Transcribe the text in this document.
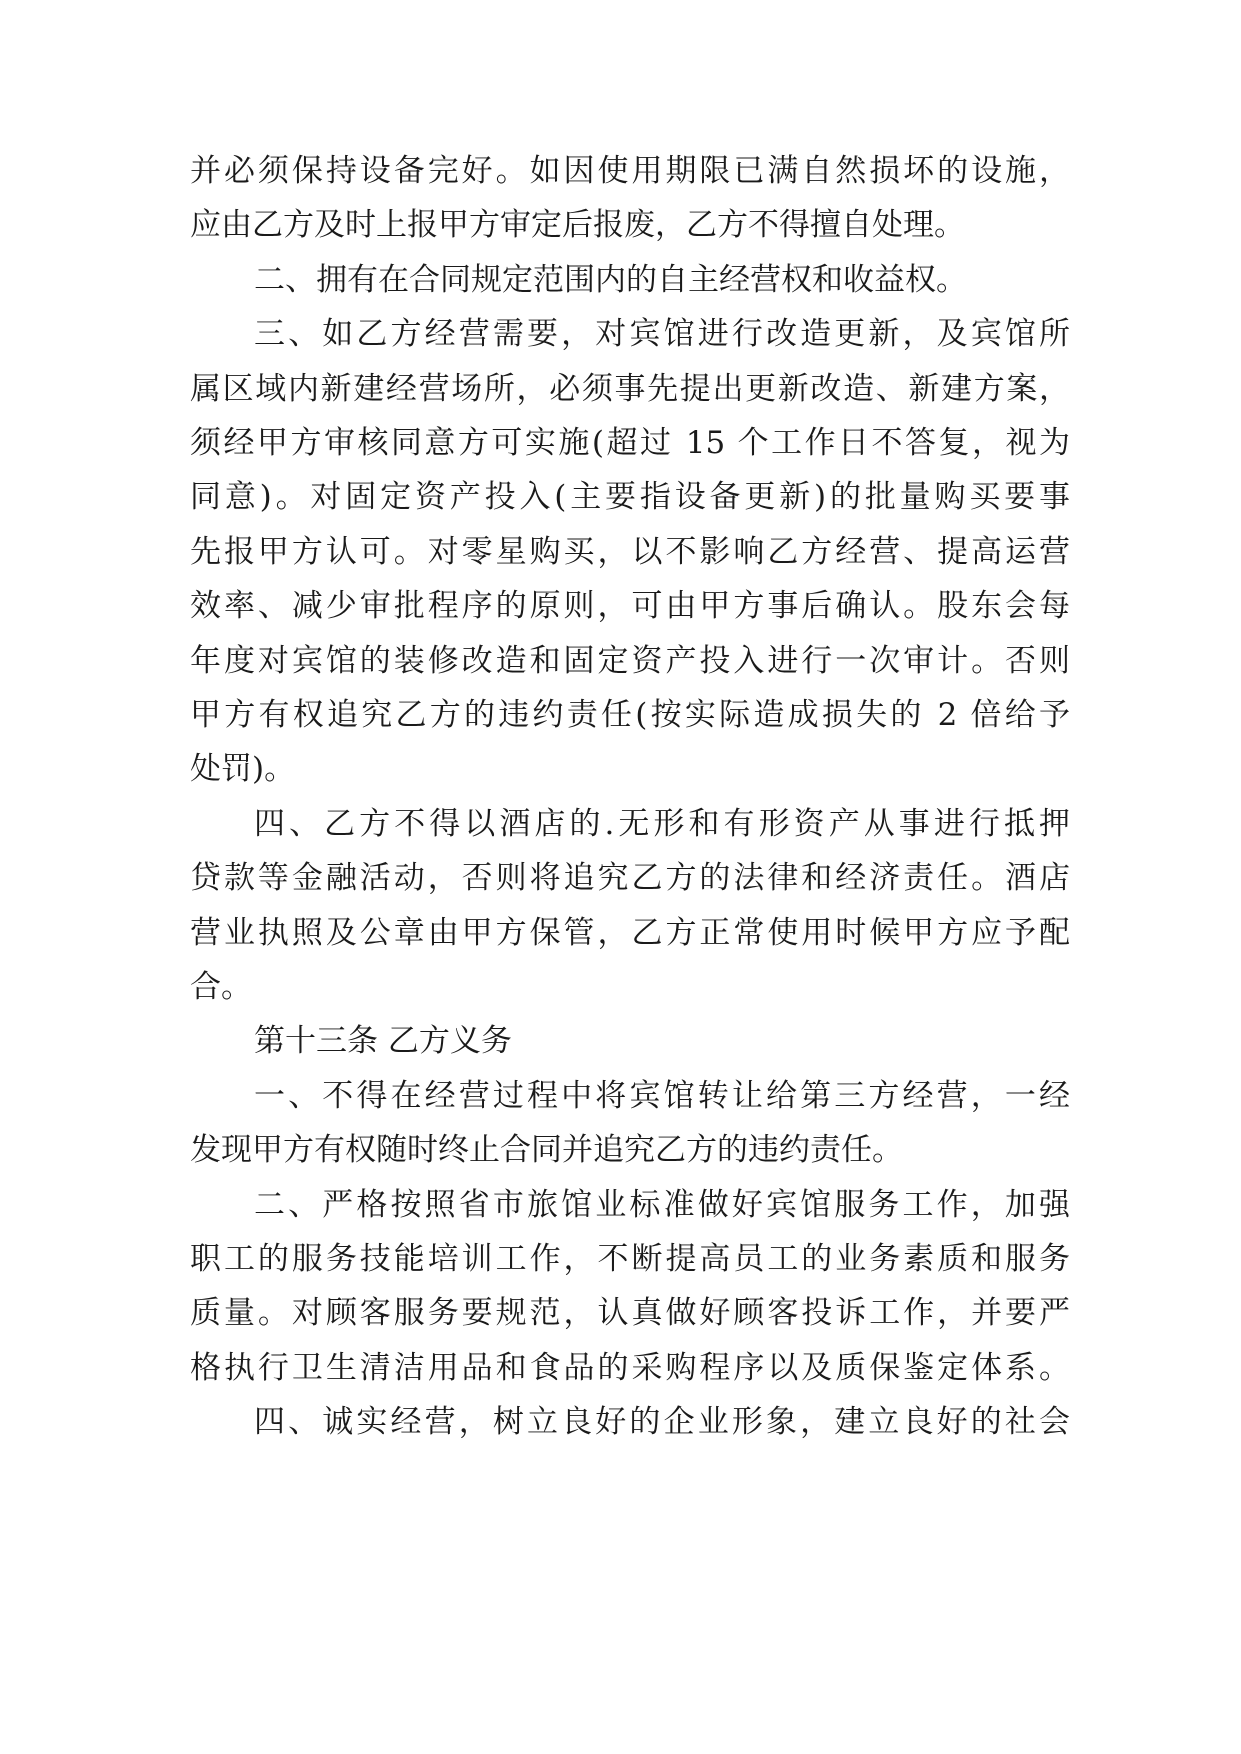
并必须保持设备完好。如因使用期限已满自然损坏的设施，
应由乙方及时上报甲方审定后报废，乙方不得擅自处理。
二、拥有在合同规定范围内的自主经营权和收益权。
三、如乙方经营需要，对宾馆进行改造更新，及宾馆所
属区域内新建经营场所，必须事先提出更新改造、新建方案，
须经甲方审核同意方可实施(超过 15 个工作日不答复，视为
同意)。对固定资产投入(主要指设备更新)的批量购买要事
先报甲方认可。对零星购买，以不影响乙方经营、提高运营
效率、减少审批程序的原则，可由甲方事后确认。股东会每
年度对宾馆的装修改造和固定资产投入进行一次审计。否则
甲方有权追究乙方的违约责任(按实际造成损失的 2 倍给予
处罚)。
四、乙方不得以酒店的.无形和有形资产从事进行抵押
贷款等金融活动，否则将追究乙方的法律和经济责任。酒店
营业执照及公章由甲方保管，乙方正常使用时候甲方应予配
合。
第十三条 乙方义务
一、不得在经营过程中将宾馆转让给第三方经营，一经
发现甲方有权随时终止合同并追究乙方的违约责任。
二、严格按照省市旅馆业标准做好宾馆服务工作，加强
职工的服务技能培训工作，不断提高员工的业务素质和服务
质量。对顾客服务要规范，认真做好顾客投诉工作，并要严
格执行卫生清洁用品和食品的采购程序以及质保鉴定体系。
四、诚实经营，树立良好的企业形象，建立良好的社会
